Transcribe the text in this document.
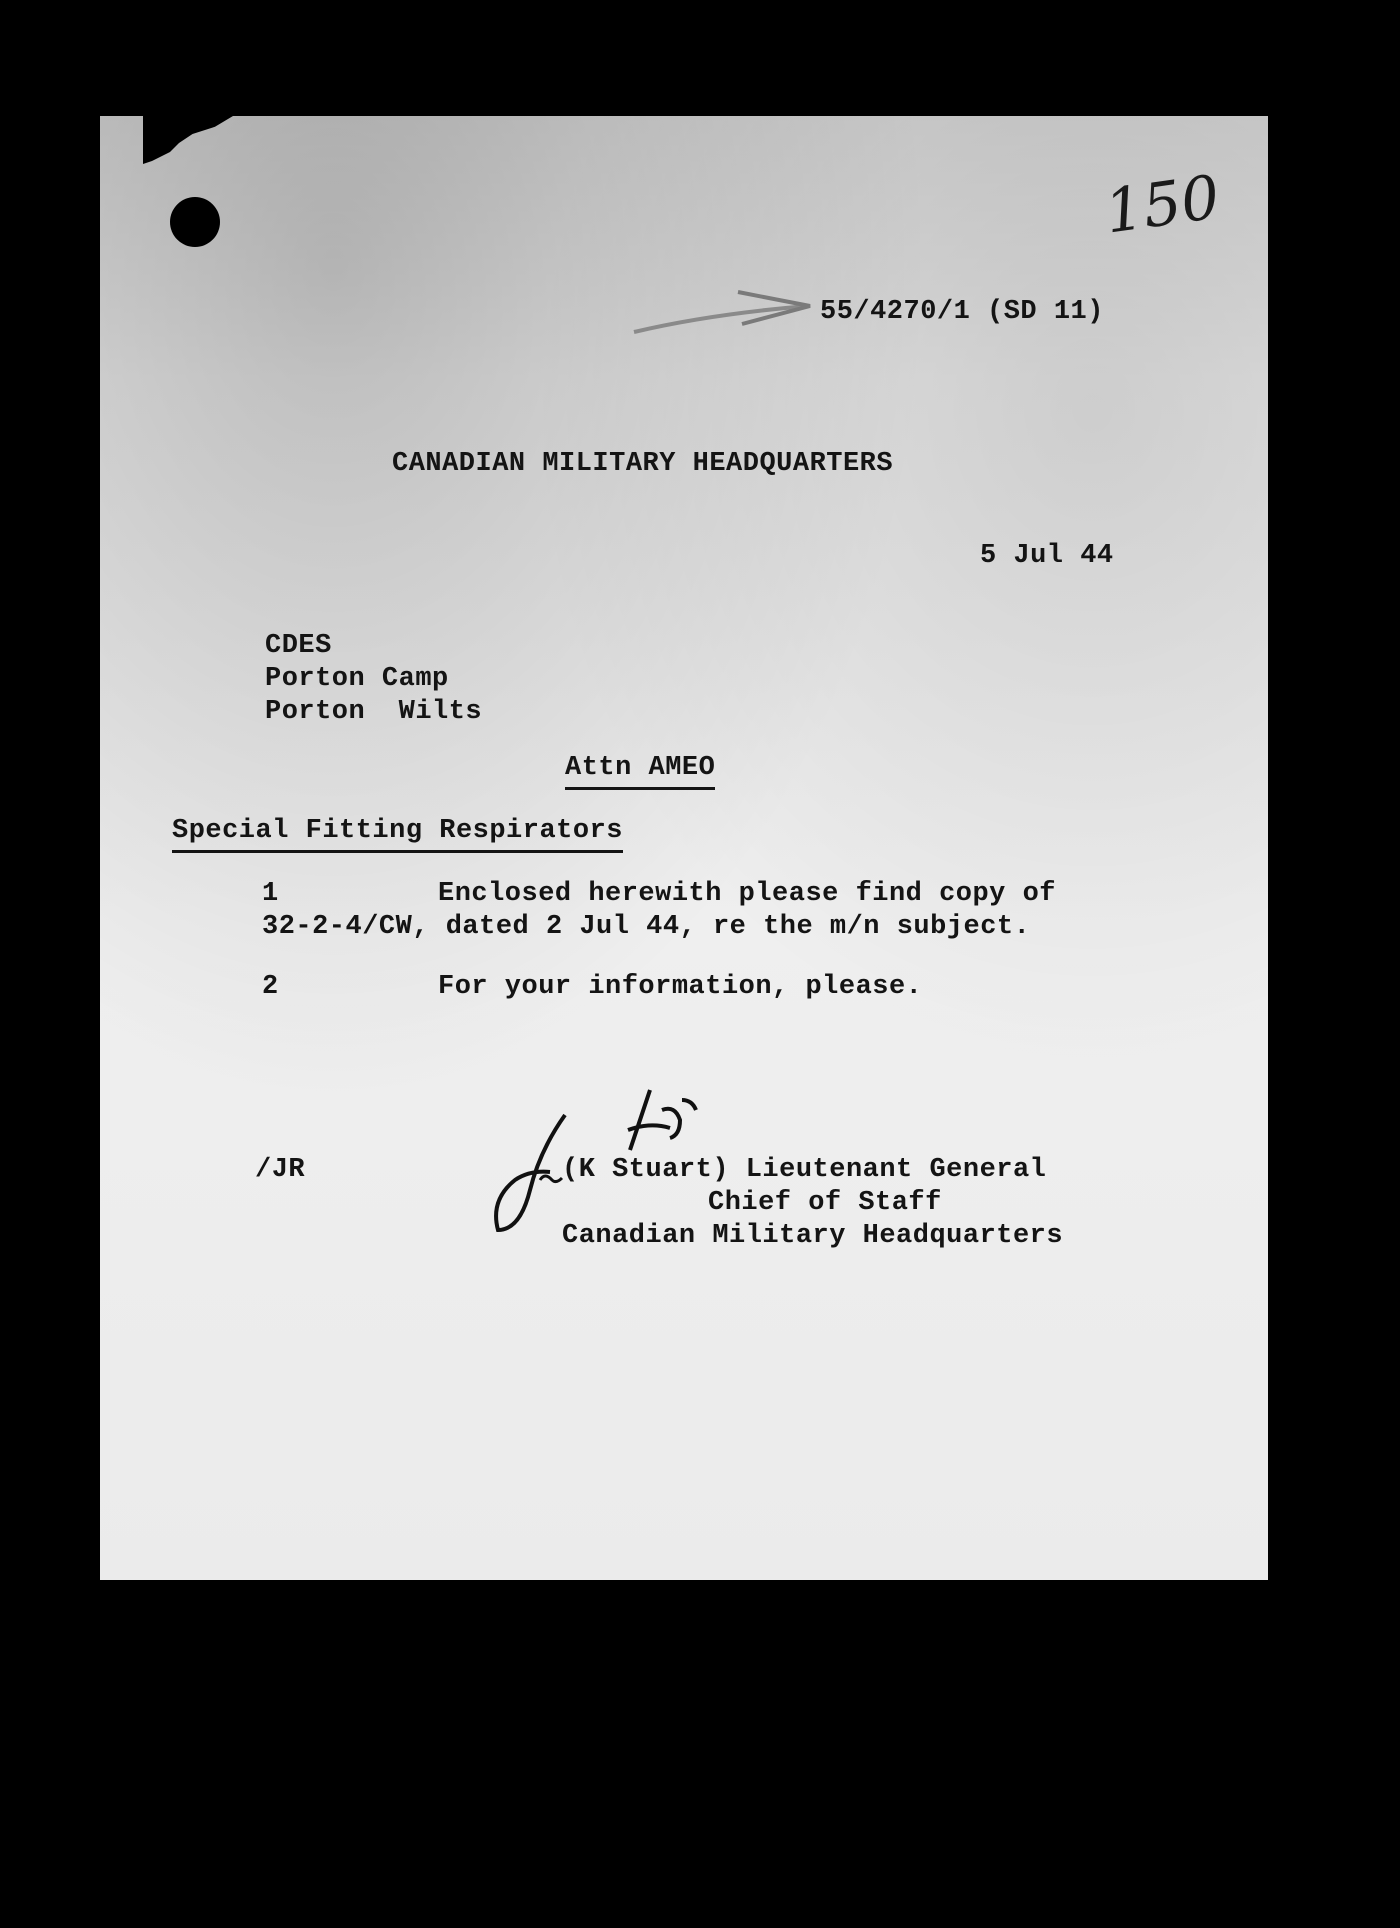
150
55/4270/1 (SD 11)
CANADIAN MILITARY HEADQUARTERS
5 Jul 44
CDES
Porton Camp
Porton  Wilts
Attn AMEO
Special Fitting Respirators
1	Enclosed herewith please find copy of
32-2-4/CW, dated 2 Jul 44, re the m/n subject.
2	For your information, please.
/JR	(K Stuart) Lieutenant General
Chief of Staff
Canadian Military Headquarters
